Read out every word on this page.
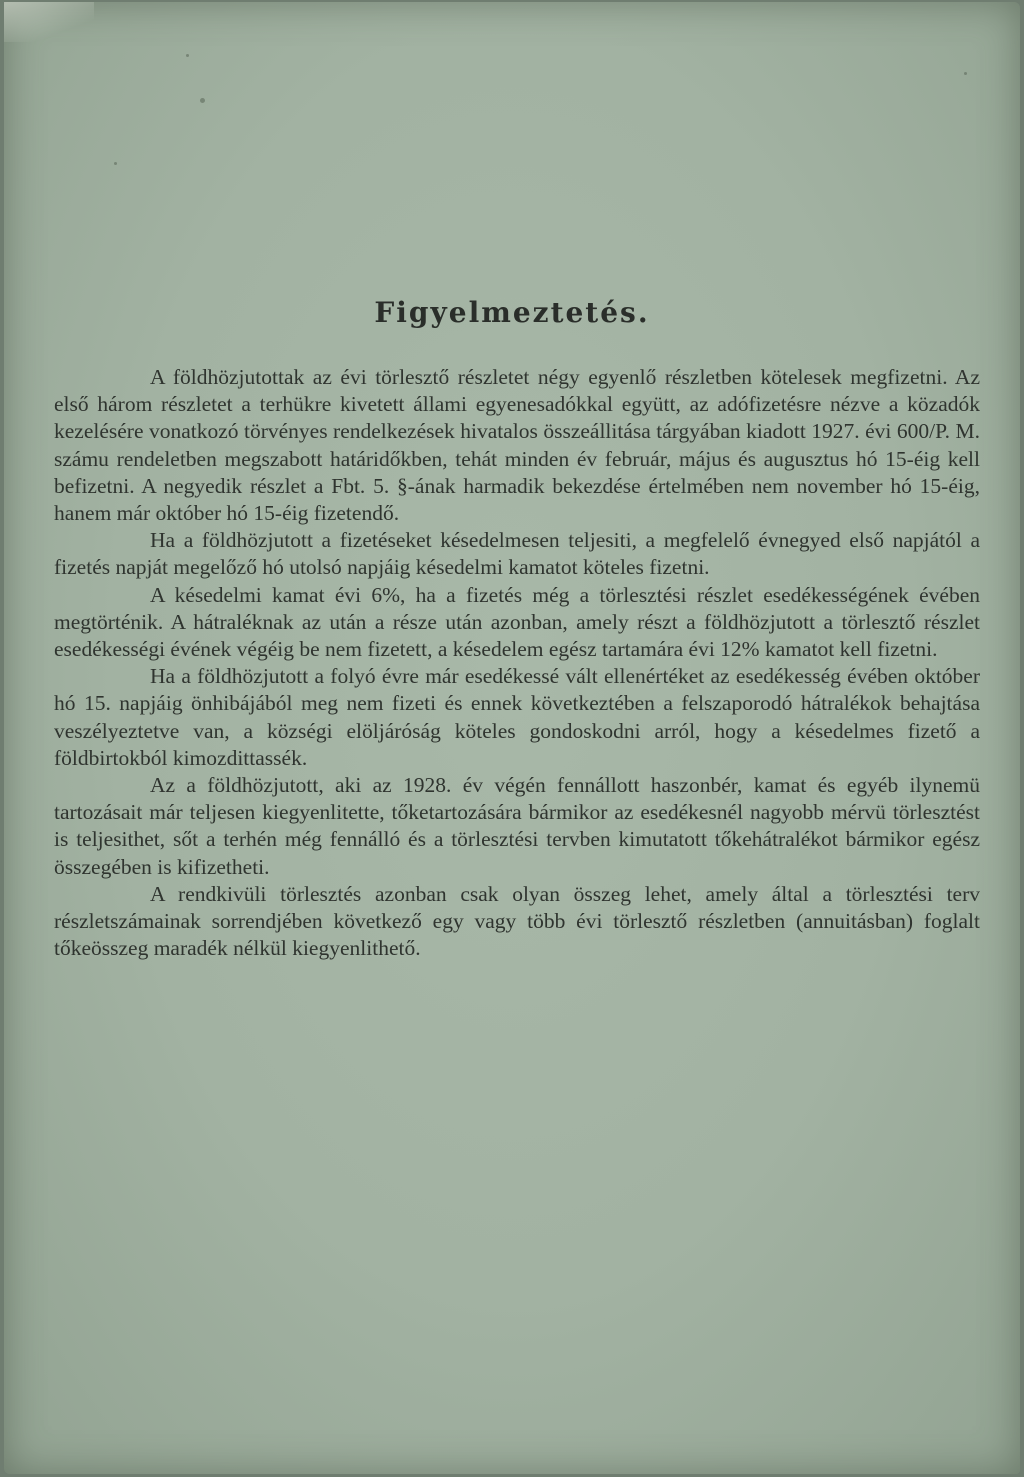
Figyelmeztetés.

A földhözjutottak az évi törlesztő részletet négy egyenlő részletben kötelesek megfizetni. Az első három részletet a terhükre kivetett állami egyenesadókkal együtt, az adófizetésre nézve a közadók kezelésére vonatkozó törvényes rendelkezések hivatalos összeállitása tárgyában kiadott 1927. évi 600/P. M. számu rendeletben megszabott határidőkben, tehát minden év február, május és augusztus hó 15-éig kell befizetni. A negyedik részlet a Fbt. 5. §-ának harmadik bekezdése értelmében nem november hó 15-éig, hanem már október hó 15-éig fizetendő.

Ha a földhözjutott a fizetéseket késedelmesen teljesiti, a megfelelő évnegyed első napjától a fizetés napját megelőző hó utolsó napjáig késedelmi kamatot köteles fizetni.

A késedelmi kamat évi 6%, ha a fizetés még a törlesztési részlet esedékességének évében megtörténik. A hátraléknak az után a része után azonban, amely részt a földhözjutott a törlesztő részlet esedékességi évének végéig be nem fizetett, a késedelem egész tartamára évi 12% kamatot kell fizetni.

Ha a földhözjutott a folyó évre már esedékessé vált ellenértéket az esedékesség évében október hó 15. napjáig önhibájából meg nem fizeti és ennek következtében a felszaporodó hátralékok behajtása veszélyeztetve van, a községi elöljáróság köteles gondoskodni arról, hogy a késedelmes fizető a földbirtokból kimozdittassék.

Az a földhözjutott, aki az 1928. év végén fennállott haszonbér, kamat és egyéb ilynemü tartozásait már teljesen kiegyenlitette, tőketartozására bármikor az esedékesnél nagyobb mérvü törlesztést is teljesithet, sőt a terhén még fennálló és a törlesztési tervben kimutatott tőkehátralékot bármikor egész összegében is kifizetheti.

A rendkivüli törlesztés azonban csak olyan összeg lehet, amely által a törlesztési terv részletszámainak sorrendjében következő egy vagy több évi törlesztő részletben (annuitásban) foglalt tőkeösszeg maradék nélkül kiegyenlithető.
